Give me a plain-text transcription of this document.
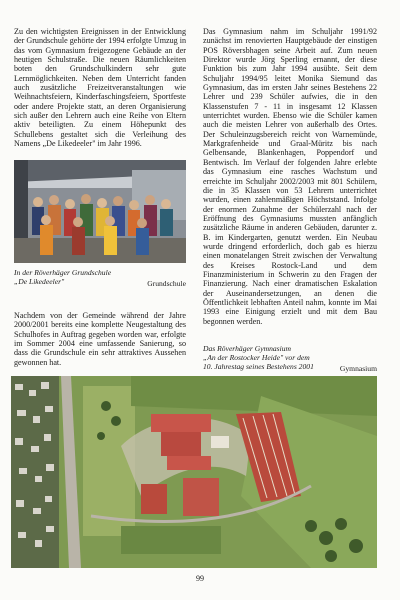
Zu den wichtigsten Ereignissen in der Entwicklung der Grundschule gehörte der 1994 erfolgte Umzug in das vom Gymnasium freigezogene Gebäude an der heutigen Schulstraße. Die neuen Räumlichkeiten boten den Grundschulkindern sehr gute Lernmöglichkeiten. Neben dem Unterricht fanden auch zusätzliche Freizeitveranstaltungen wie Weihnachtsfeiern, Kinderfaschingsfeiern, Sportfeste oder andere Projekte statt, an deren Organisierung sich außer den Lehrern auch eine Reihe von Eltern aktiv beteiligten. Zu einem Höhepunkt des Schullebens gestaltet sich die Verleihung des Namens „De Likedeeler" im Jahr 1996.

In der Röverhäger Grundschule
„De Likedeeler"	Grundschule

Nachdem von der Gemeinde während der Jahre 2000/2001 bereits eine komplette Neugestaltung des Schulhofes in Auftrag gegeben worden war, erfolgte im Sommer 2004 eine umfassende Sanierung, so dass die Grundschule ein sehr attraktives Aussehen gewonnen hat.

Das Gymnasium nahm im Schuljahr 1991/92 zunächst im renovierten Hauptgebäude der einstigen POS Röversbhagen seine Arbeit auf. Zum neuen Direktor wurde Jörg Sperling ernannt, der diese Funktion bis zum Jahr 1994 ausübte. Seit dem Schuljahr 1994/95 leitet Monika Siemund das Gymnasium, das im ersten Jahr seines Bestehens 22 Lehrer und 239 Schüler aufwies, die in den Klassenstufen 7 - 11 in insgesamt 12 Klassen unterrichtet wurden. Ebenso wie die Schüler kamen auch die meisten Lehrer von außerhalb des Ortes. Der Schuleinzugsbereich reicht von Warnemünde, Markgrafenheide und Graal-Müritz bis nach Gelbensande, Blankenhagen, Poppendorf und Bentwisch. Im Verlauf der folgenden Jahre erlebte das Gymnasium eine rasches Wachstum und erreichte im Schuljahr 2002/2003 mit 801 Schülern, die in 35 Klassen von 53 Lehrern unterrichtet wurden, einen zahlenmäßigen Höchststand. Infolge der enormen Zunahme der Schülerzahl nach der Eröffnung des Gymnasiums mussten anfänglich zusätzliche Räume in anderen Gebäuden, darunter z. B. im Kindergarten, genutzt werden. Ein Neubau wurde dringend erforderlich, doch gab es hierzu einen monatelangen Streit zwischen der Verwaltung des Kreises Rostock-Land und dem Finanzministerium in Schwerin zu den Fragen der Finanzierung. Nach einer dramatischen Eskalation der Auseinandersetzungen, an denen die Öffentlichkeit lebhaften Anteil nahm, konnte im Mai 1993 eine Einigung erzielt und mit dem Bau begonnen werden.

Das Röverhäger Gymnasium
„An der Rostocker Heide" vor dem
10. Jahrestag seines Bestehens 2001	Gymnasium
99
